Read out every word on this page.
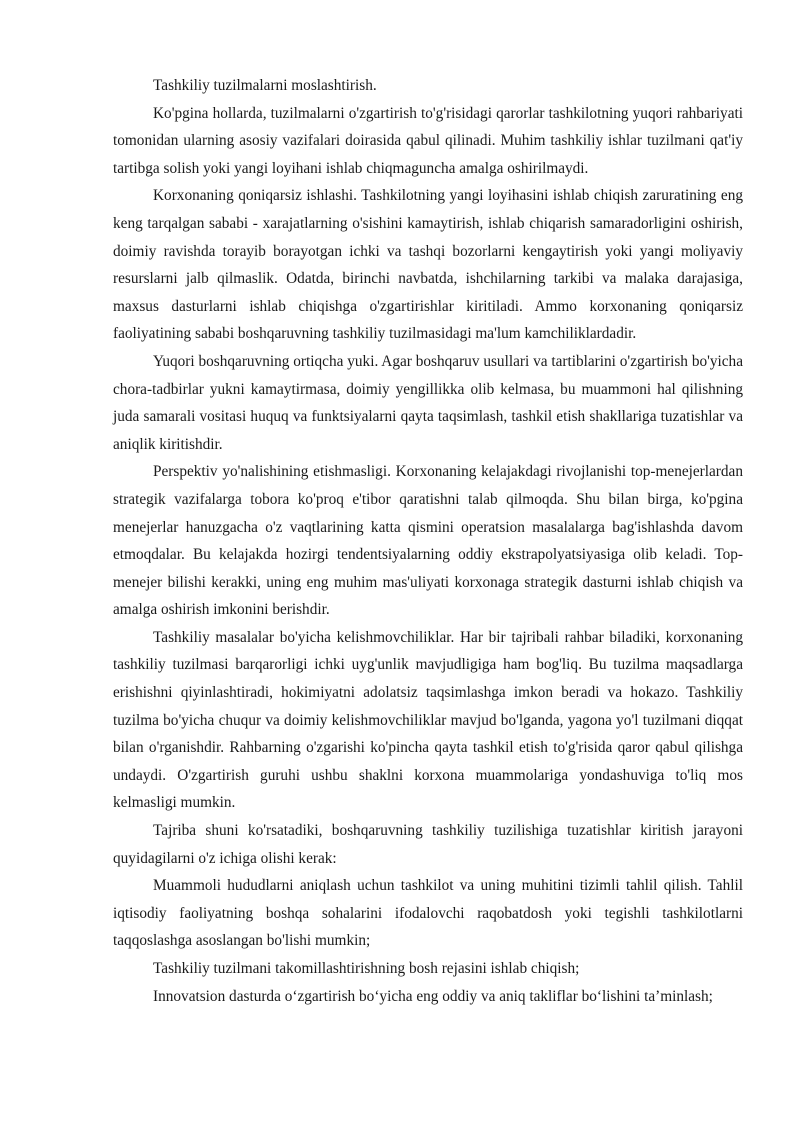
Tashkiliy tuzilmalarni moslashtirish.

Ko'pgina hollarda, tuzilmalarni o'zgartirish to'g'risidagi qarorlar tashkilotning yuqori rahbariyati tomonidan ularning asosiy vazifalari doirasida qabul qilinadi. Muhim tashkiliy ishlar tuzilmani qat'iy tartibga solish yoki yangi loyihani ishlab chiqmaguncha amalga oshirilmaydi.

Korxonaning qoniqarsiz ishlashi. Tashkilotning yangi loyihasini ishlab chiqish zaruratining eng keng tarqalgan sababi - xarajatlarning o'sishini kamaytirish, ishlab chiqarish samaradorligini oshirish, doimiy ravishda torayib borayotgan ichki va tashqi bozorlarni kengaytirish yoki yangi moliyaviy resurslarni jalb qilmaslik. Odatda, birinchi navbatda, ishchilarning tarkibi va malaka darajasiga, maxsus dasturlarni ishlab chiqishga o'zgartirishlar kiritiladi. Ammo korxonaning qoniqarsiz faoliyatining sababi boshqaruvning tashkiliy tuzilmasidagi ma'lum kamchiliklardadir.

Yuqori boshqaruvning ortiqcha yuki. Agar boshqaruv usullari va tartiblarini o'zgartirish bo'yicha chora-tadbirlar yukni kamaytirmasa, doimiy yengillikka olib kelmasa, bu muammoni hal qilishning juda samarali vositasi huquq va funktsiyalarni qayta taqsimlash, tashkil etish shakllariga tuzatishlar va aniqlik kiritishdir.

Perspektiv yo'nalishining etishmasligi. Korxonaning kelajakdagi rivojlanishi top-menejerlardan strategik vazifalarga tobora ko'proq e'tibor qaratishni talab qilmoqda. Shu bilan birga, ko'pgina menejerlar hanuzgacha o'z vaqtlarining katta qismini operatsion masalalarga bag'ishlashda davom etmoqdalar. Bu kelajakda hozirgi tendentsiyalarning oddiy ekstrapolyatsiyasiga olib keladi. Top-menejer bilishi kerakki, uning eng muhim mas'uliyati korxonaga strategik dasturni ishlab chiqish va amalga oshirish imkonini berishdir.

Tashkiliy masalalar bo'yicha kelishmovchiliklar. Har bir tajribali rahbar biladiki, korxonaning tashkiliy tuzilmasi barqarorligi ichki uyg'unlik mavjudligiga ham bog'liq. Bu tuzilma maqsadlarga erishishni qiyinlashtiradi, hokimiyatni adolatsiz taqsimlashga imkon beradi va hokazo. Tashkiliy tuzilma bo'yicha chuqur va doimiy kelishmovchiliklar mavjud bo'lganda, yagona yo'l tuzilmani diqqat bilan o'rganishdir. Rahbarning o'zgarishi ko'pincha qayta tashkil etish to'g'risida qaror qabul qilishga undaydi. O'zgartirish guruhi ushbu shaklni korxona muammolariga yondashuviga to'liq mos kelmasligi mumkin.

Tajriba shuni ko'rsatadiki, boshqaruvning tashkiliy tuzilishiga tuzatishlar kiritish jarayoni quyidagilarni o'z ichiga olishi kerak:

Muammoli hududlarni aniqlash uchun tashkilot va uning muhitini tizimli tahlil qilish. Tahlil iqtisodiy faoliyatning boshqa sohalarini ifodalovchi raqobatdosh yoki tegishli tashkilotlarni taqqoslashga asoslangan bo'lishi mumkin;

Tashkiliy tuzilmani takomillashtirishning bosh rejasini ishlab chiqish;

Innovatsion dasturda o‘zgartirish bo‘yicha eng oddiy va aniq takliflar bo‘lishini ta’minlash;
